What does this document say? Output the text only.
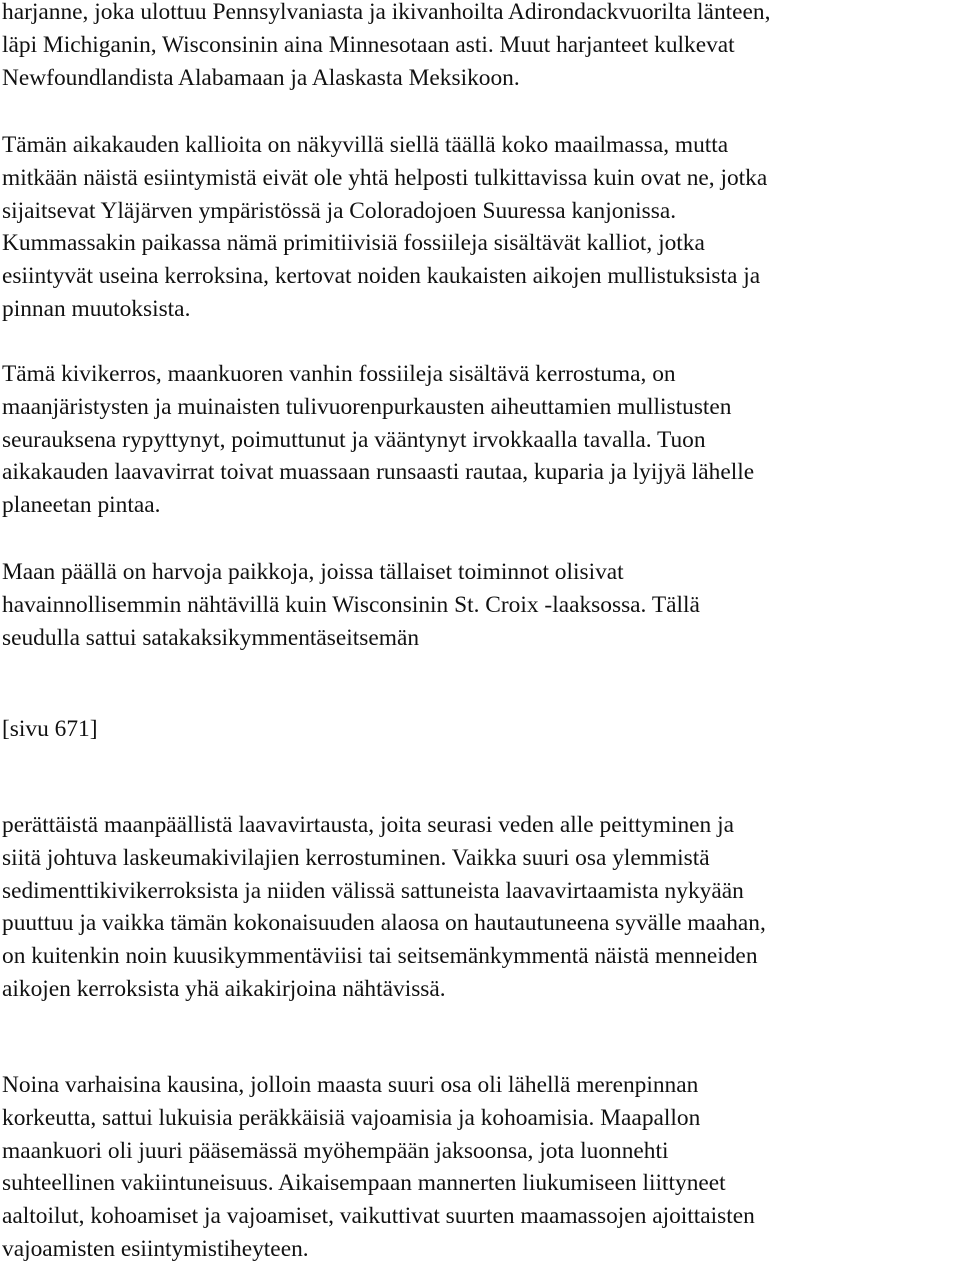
harjanne, joka ulottuu Pennsylvaniasta ja ikivanhoilta Adirondackvuorilta länteen,
läpi Michiganin, Wisconsinin aina Minnesotaan asti. Muut harjanteet kulkevat
Newfoundlandista Alabamaan ja Alaskasta Meksikoon.

Tämän aikakauden kallioita on näkyvillä siellä täällä koko maailmassa, mutta
mitkään näistä esiintymistä eivät ole yhtä helposti tulkittavissa kuin ovat ne, jotka
sijaitsevat Yläjärven ympäristössä ja Coloradojoen Suuressa kanjonissa.
Kummassakin paikassa nämä primitiivisiä fossiileja sisältävät kalliot, jotka
esiintyvät useina kerroksina, kertovat noiden kaukaisten aikojen mullistuksista ja
pinnan muutoksista.

Tämä kivikerros, maankuoren vanhin fossiileja sisältävä kerrostuma, on
maanjäristysten ja muinaisten tulivuorenpurkausten aiheuttamien mullistusten
seurauksena rypyttynyt, poimuttunut ja vääntynyt irvokkaalla tavalla. Tuon
aikakauden laavavirrat toivat muassaan runsaasti rautaa, kuparia ja lyijyä lähelle
planeetan pintaa.

Maan päällä on harvoja paikkoja, joissa tällaiset toiminnot olisivat
havainnollisemmin nähtävillä kuin Wisconsinin St. Croix -laaksossa. Tällä
seudulla sattui satakaksikymmentäseitsemän

[sivu 671]

perättäistä maanpäällistä laavavirtausta, joita seurasi veden alle peittyminen ja
siitä johtuva laskeumakivilajien kerrostuminen. Vaikka suuri osa ylemmistä
sedimenttikivikerroksista ja niiden välissä sattuneista laavavirtaamista nykyään
puuttuu ja vaikka tämän kokonaisuuden alaosa on hautautuneena syvälle maahan,
on kuitenkin noin kuusikymmentäviisi tai seitsemänkymmentä näistä menneiden
aikojen kerroksista yhä aikakirjoina nähtävissä.

Noina varhaisina kausina, jolloin maasta suuri osa oli lähellä merenpinnan
korkeutta, sattui lukuisia peräkkäisiä vajoamisia ja kohoamisia. Maapallon
maankuori oli juuri pääsemässä myöhempään jaksoonsa, jota luonnehti
suhteellinen vakiintuneisuus. Aikaisempaan mannerten liukumiseen liittyneet
aaltoilut, kohoamiset ja vajoamiset, vaikuttivat suurten maamassojen ajoittaisten
vajoamisten esiintymistiheyteen.
